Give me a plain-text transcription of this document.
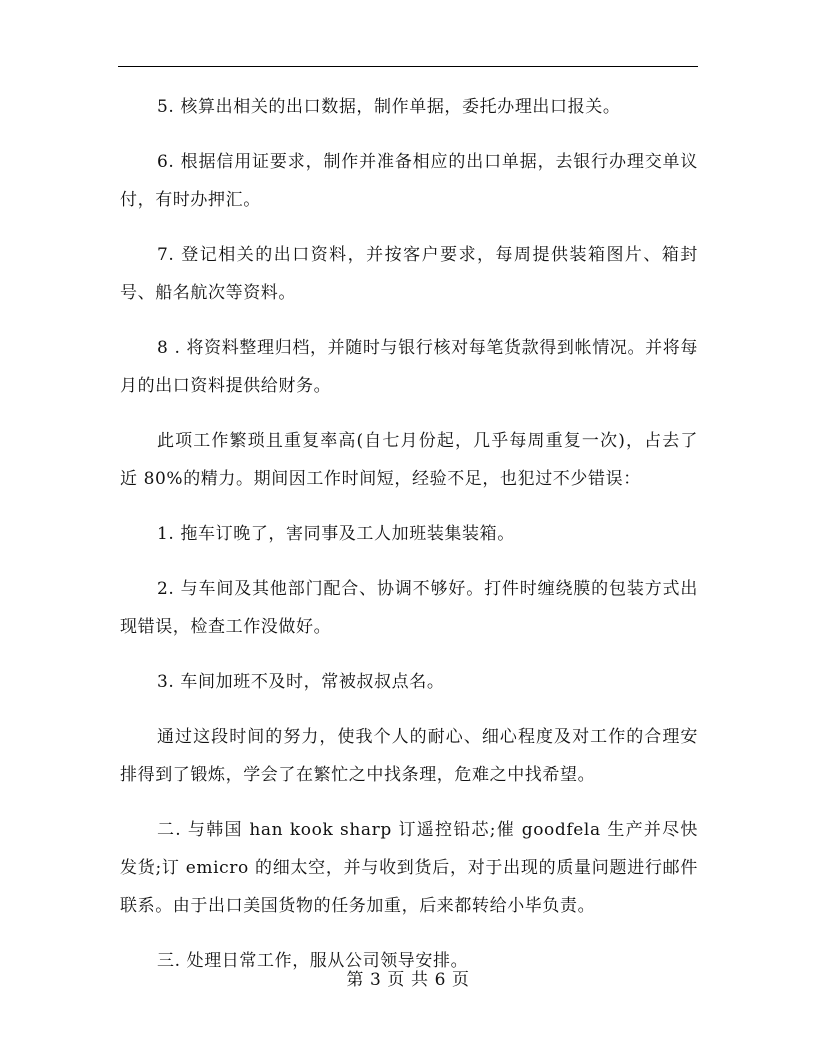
5. 核算出相关的出口数据，制作单据，委托办理出口报关。

6. 根据信用证要求，制作并准备相应的出口单据，去银行办理交单议付，有时办押汇。

7. 登记相关的出口资料，并按客户要求，每周提供装箱图片、箱封号、船名航次等资料。

8 . 将资料整理归档，并随时与银行核对每笔货款得到帐情况。并将每月的出口资料提供给财务。

此项工作繁琐且重复率高(自七月份起，几乎每周重复一次)，占去了近 80%的精力。期间因工作时间短，经验不足，也犯过不少错误：

1. 拖车订晚了，害同事及工人加班装集装箱。

2. 与车间及其他部门配合、协调不够好。打件时缠绕膜的包装方式出现错误，检查工作没做好。

3. 车间加班不及时，常被叔叔点名。

通过这段时间的努力，使我个人的耐心、细心程度及对工作的合理安排得到了锻炼，学会了在繁忙之中找条理，危难之中找希望。

二. 与韩国 han kook sharp 订遥控铅芯;催 goodfela 生产并尽快发货;订 emicro 的细太空，并与收到货后，对于出现的质量问题进行邮件联系。由于出口美国货物的任务加重，后来都转给小毕负责。

三. 处理日常工作，服从公司领导安排。

第 3 页 共 6 页
